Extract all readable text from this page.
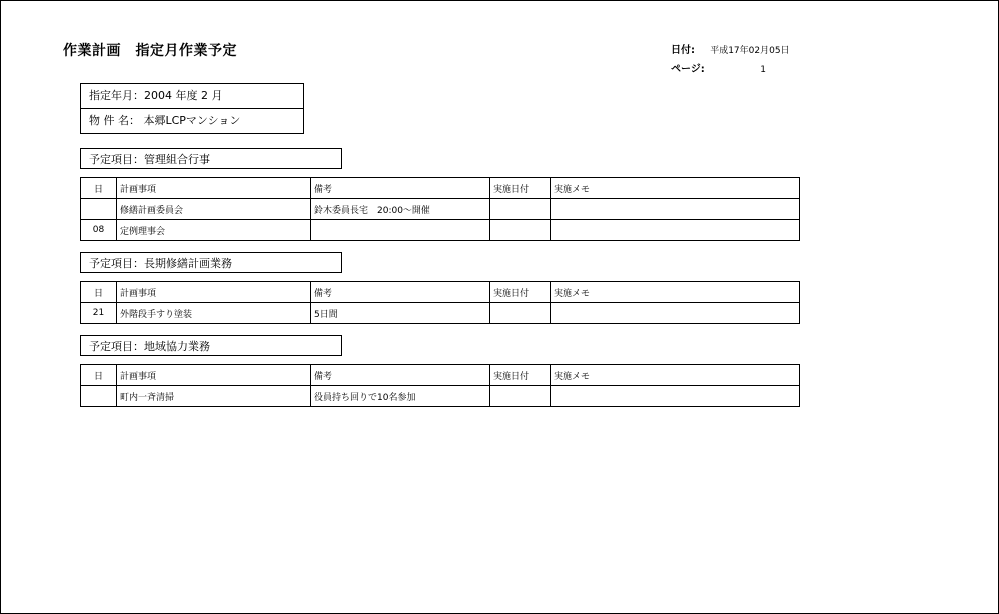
作業計画　指定月作業予定	日付: 平成17年02月05日
ページ:	1
指定年月：2004 年度 2 月
物 件 名： 本郷LCPマンション
予定項目：管理組合行事
日	計画事項	備考	実施日付	実施メモ
	修繕計画委員会	鈴木委員長宅　20:00～開催		
08	定例理事会			
予定項目：長期修繕計画業務
日	計画事項	備考	実施日付	実施メモ
21	外階段手すり塗装	5日間		
予定項目：地域協力業務
日	計画事項	備考	実施日付	実施メモ
	町内一斉清掃	役員持ち回りで10名参加		
